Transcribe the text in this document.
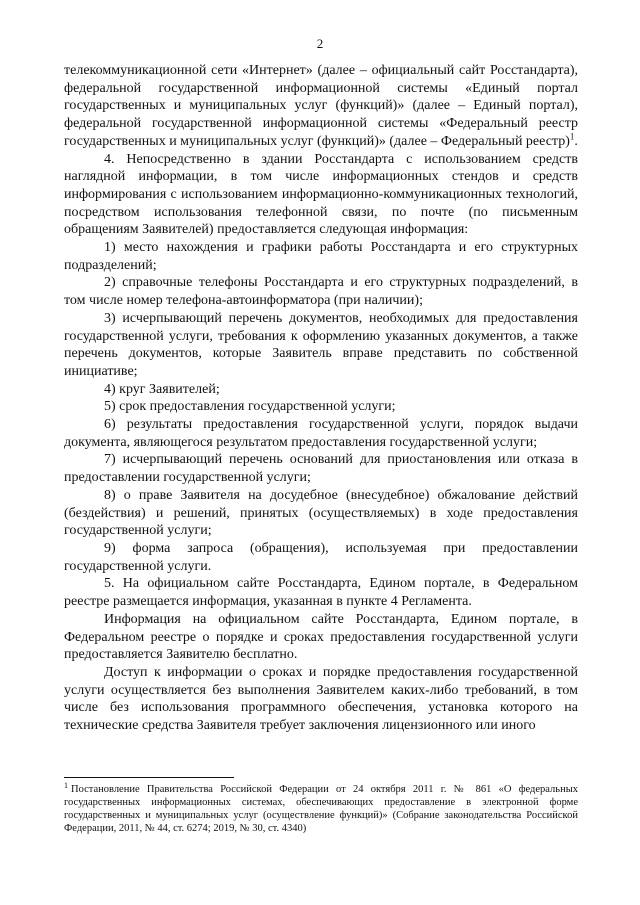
2

телекоммуникационной сети «Интернет» (далее – официальный сайт Росстандарта), федеральной государственной информационной системы «Единый портал государственных и муниципальных услуг (функций)» (далее – Единый портал), федеральной государственной информационной системы «Федеральный реестр государственных и муниципальных услуг (функций)» (далее – Федеральный реестр)$^1$.

4. Непосредственно в здании Росстандарта с использованием средств наглядной информации, в том числе информационных стендов и средств информирования с использованием информационно-коммуникационных технологий, посредством использования телефонной связи, по почте (по письменным обращениям Заявителей) предоставляется следующая информация:

1) место нахождения и графики работы Росстандарта и его структурных подразделений;

2) справочные телефоны Росстандарта и его структурных подразделений, в том числе номер телефона-автоинформатора (при наличии);

3) исчерпывающий перечень документов, необходимых для предоставления государственной услуги, требования к оформлению указанных документов, а также перечень документов, которые Заявитель вправе представить по собственной инициативе;

4) круг Заявителей;

5) срок предоставления государственной услуги;

6) результаты предоставления государственной услуги, порядок выдачи документа, являющегося результатом предоставления государственной услуги;

7) исчерпывающий перечень оснований для приостановления или отказа в предоставлении государственной услуги;

8) о праве Заявителя на досудебное (внесудебное) обжалование действий (бездействия) и решений, принятых (осуществляемых) в ходе предоставления государственной услуги;

9) форма запроса (обращения), используемая при предоставлении государственной услуги.

5. На официальном сайте Росстандарта, Едином портале, в Федеральном реестре размещается информация, указанная в пункте 4 Регламента.

Информация на официальном сайте Росстандарта, Едином портале, в Федеральном реестре о порядке и сроках предоставления государственной услуги предоставляется Заявителю бесплатно.

Доступ к информации о сроках и порядке предоставления государственной услуги осуществляется без выполнения Заявителем каких-либо требований, в том числе без использования программного обеспечения, установка которого на технические средства Заявителя требует заключения лицензионного или иного

$^1$ Постановление Правительства Российской Федерации от 24 октября 2011 г. № 861 «О федеральных государственных информационных системах, обеспечивающих предоставление в электронной форме государственных и муниципальных услуг (осуществление функций)» (Собрание законодательства Российской Федерации, 2011, № 44, ст. 6274; 2019, № 30, ст. 4340)
